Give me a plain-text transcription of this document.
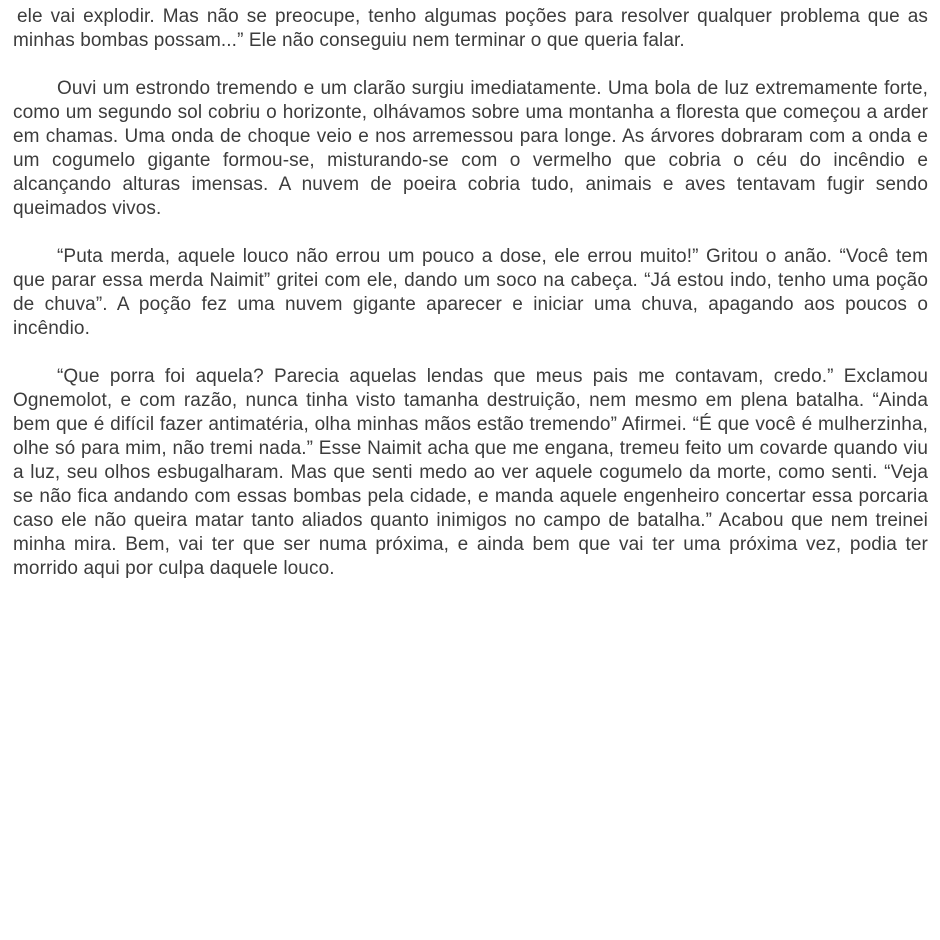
ele vai explodir. Mas não se preocupe, tenho algumas poções para resolver qualquer problema que as minhas bombas possam...” Ele não conseguiu nem terminar o que queria falar.

Ouvi um estrondo tremendo e um clarão surgiu imediatamente. Uma bola de luz extremamente forte, como um segundo sol cobriu o horizonte, olhávamos sobre uma montanha a floresta que começou a arder em chamas. Uma onda de choque veio e nos arremessou para longe. As árvores dobraram com a onda e um cogumelo gigante formou-se, misturando-se com o vermelho que cobria o céu do incêndio e alcançando alturas imensas. A nuvem de poeira cobria tudo, animais e aves tentavam fugir sendo queimados vivos.

“Puta merda, aquele louco não errou um pouco a dose, ele errou muito!” Gritou o anão. “Você tem que parar essa merda Naimit” gritei com ele, dando um soco na cabeça. “Já estou indo, tenho uma poção de chuva”. A poção fez uma nuvem gigante aparecer e iniciar uma chuva, apagando aos poucos o incêndio.

“Que porra foi aquela? Parecia aquelas lendas que meus pais me contavam, credo.” Exclamou Ognemolot, e com razão, nunca tinha visto tamanha destruição, nem mesmo em plena batalha. “Ainda bem que é difícil fazer antimatéria, olha minhas mãos estão tremendo” Afirmei. “É que você é mulherzinha, olhe só para mim, não tremi nada.” Esse Naimit acha que me engana, tremeu feito um covarde quando viu a luz, seu olhos esbugalharam. Mas que senti medo ao ver aquele cogumelo da morte, como senti. “Veja se não fica andando com essas bombas pela cidade, e manda aquele engenheiro concertar essa porcaria caso ele não queira matar tanto aliados quanto inimigos no campo de batalha.” Acabou que nem treinei minha mira. Bem, vai ter que ser numa próxima, e ainda bem que vai ter uma próxima vez, podia ter morrido aqui por culpa daquele louco.
